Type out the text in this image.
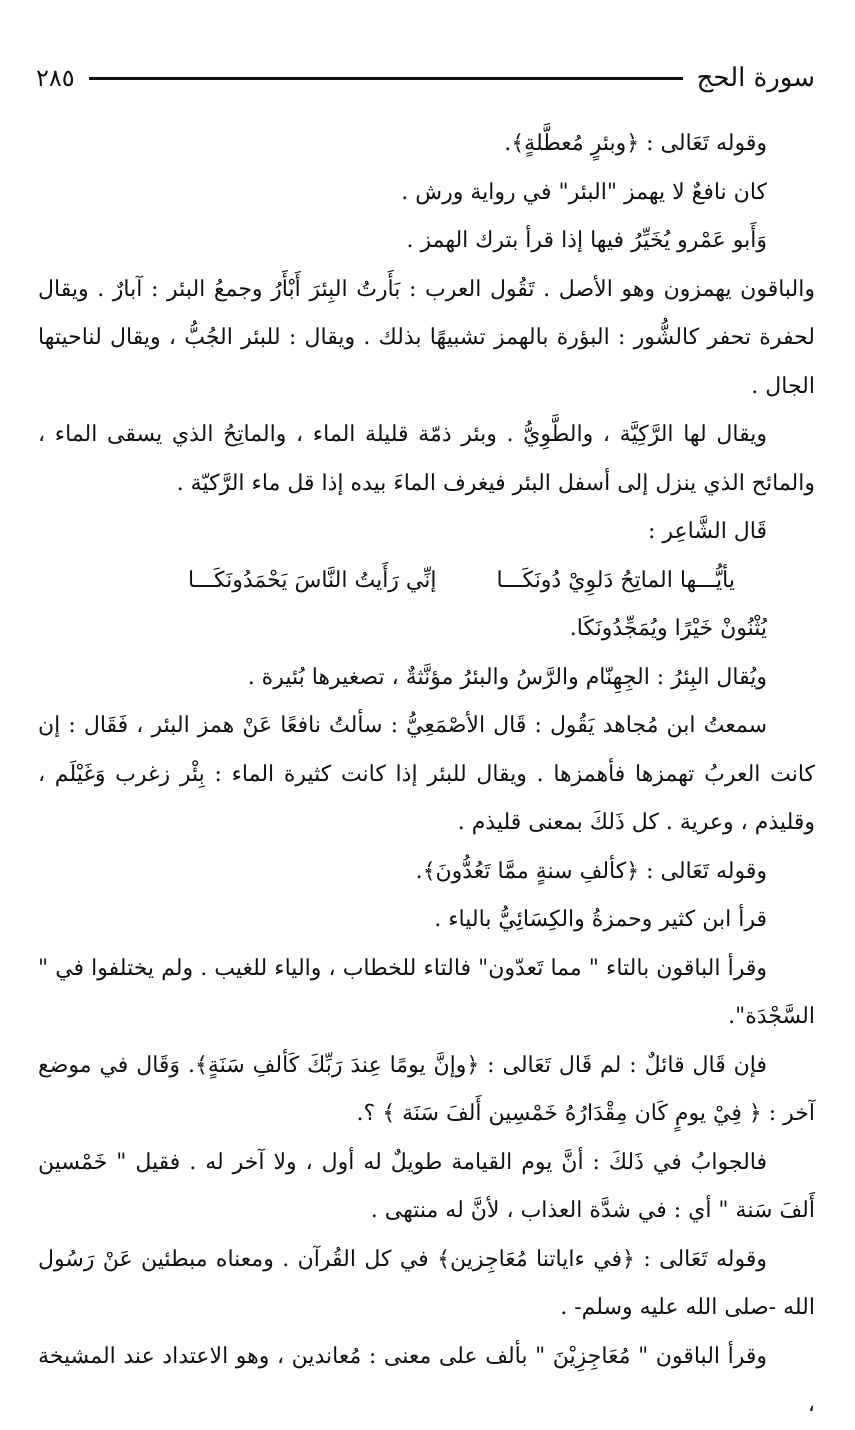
سورة الحج
٢٨٥

وقوله تَعَالى : ﴿وبئرٍ مُعطَّلةٍ﴾.

كان نافعٌ لا يهمز "البئر" في رواية ورش .

وَأَبو عَمْرو يُخَيِّرُ فيها إذا قرأ بترك الهمز .

والباقون يهمزون وهو الأصل . تَقُول العرب : بَأَرتُ البِئرَ أَبْأَرُ وجمعُ البئر : آبارٌ . ويقال لحفرة تحفر كالشُّور : البؤرة بالهمز تشبيهًا بذلك . ويقال : للبئر الجُبُّ ، ويقال لناحيتها الجال .

ويقال لها الرَّكِيَّة ، والطَّوِيُّ . وبئر ذمّة قليلة الماء ، والماتِحُ الذي يسقى الماء ، والمائح الذي ينزل إلى أسفل البئر فيغرف الماءَ بيده إذا قل ماء الرَّكيّة .

قَال الشَّاعِر :

يأيُّـــها الماتِحُ دَلوِيْ دُونَكَـــا
إنِّي رَأَيتُ النَّاسَ يَحْمَدُونَكَـــا

يُثْنُونْ خَيْرًا ويُمَجِّدُونَكَا.

ويُقال البِئرُ : الجِهِنّام والرَّسُ والبئرُ مؤنَّثةٌ ، تصغيرها بُئيرة .

سمعتُ ابن مُجاهد يَقُول : قَال الأصْمَعِيُّ : سألتُ نافعًا عَنْ همز البئر ، فَقَال : إن كانت العربُ تهمزها فأهمزها . ويقال للبئر إذا كانت كثيرة الماء : بِئْر زغرب وَغَيْلَم ، وقليذم ، وعرية . كل ذَلكَ بمعنى قليذم .

وقوله تَعَالى : ﴿كألفِ سنةٍ ممَّا تَعُدُّونَ﴾.

قرأ ابن كثير وحمزةُ والكِسَائِيُّ بالياء .

وقرأ الباقون بالتاء " مما تَعدّون" فالتاء للخطاب ، والياء للغيب . ولم يختلفوا في " السَّجْدَة".

فإن قَال قائلٌ : لم قَال تَعَالى : ﴿وإنَّ يومًا عِندَ رَبِّكَ كَألفِ سَنَةٍ﴾. وَقَال في موضع آخر : ﴿ فِيْ يومٍ كَان مِقْدَارُهُ خَمْسِين أَلفَ سَنَة ﴾ ؟.

فالجوابُ في ذَلكَ : أنَّ يوم القيامة طويلٌ له أول ، ولا آخر له . فقيل " خَمْسين أَلفَ سَنة " أي : في شدَّة العذاب ، لأنَّ له منتهى .

وقوله تَعَالى : ﴿في ءاياتنا مُعَاجِزين﴾ في كل القُرآن . ومعناه مبطئين عَنْ رَسُول الله -صلى الله عليه وسلم- .

وقرأ الباقون " مُعَاجِزِيْنَ " بألف على معنى : مُعاندين ، وهو الاعتداد عند المشيخة ،
